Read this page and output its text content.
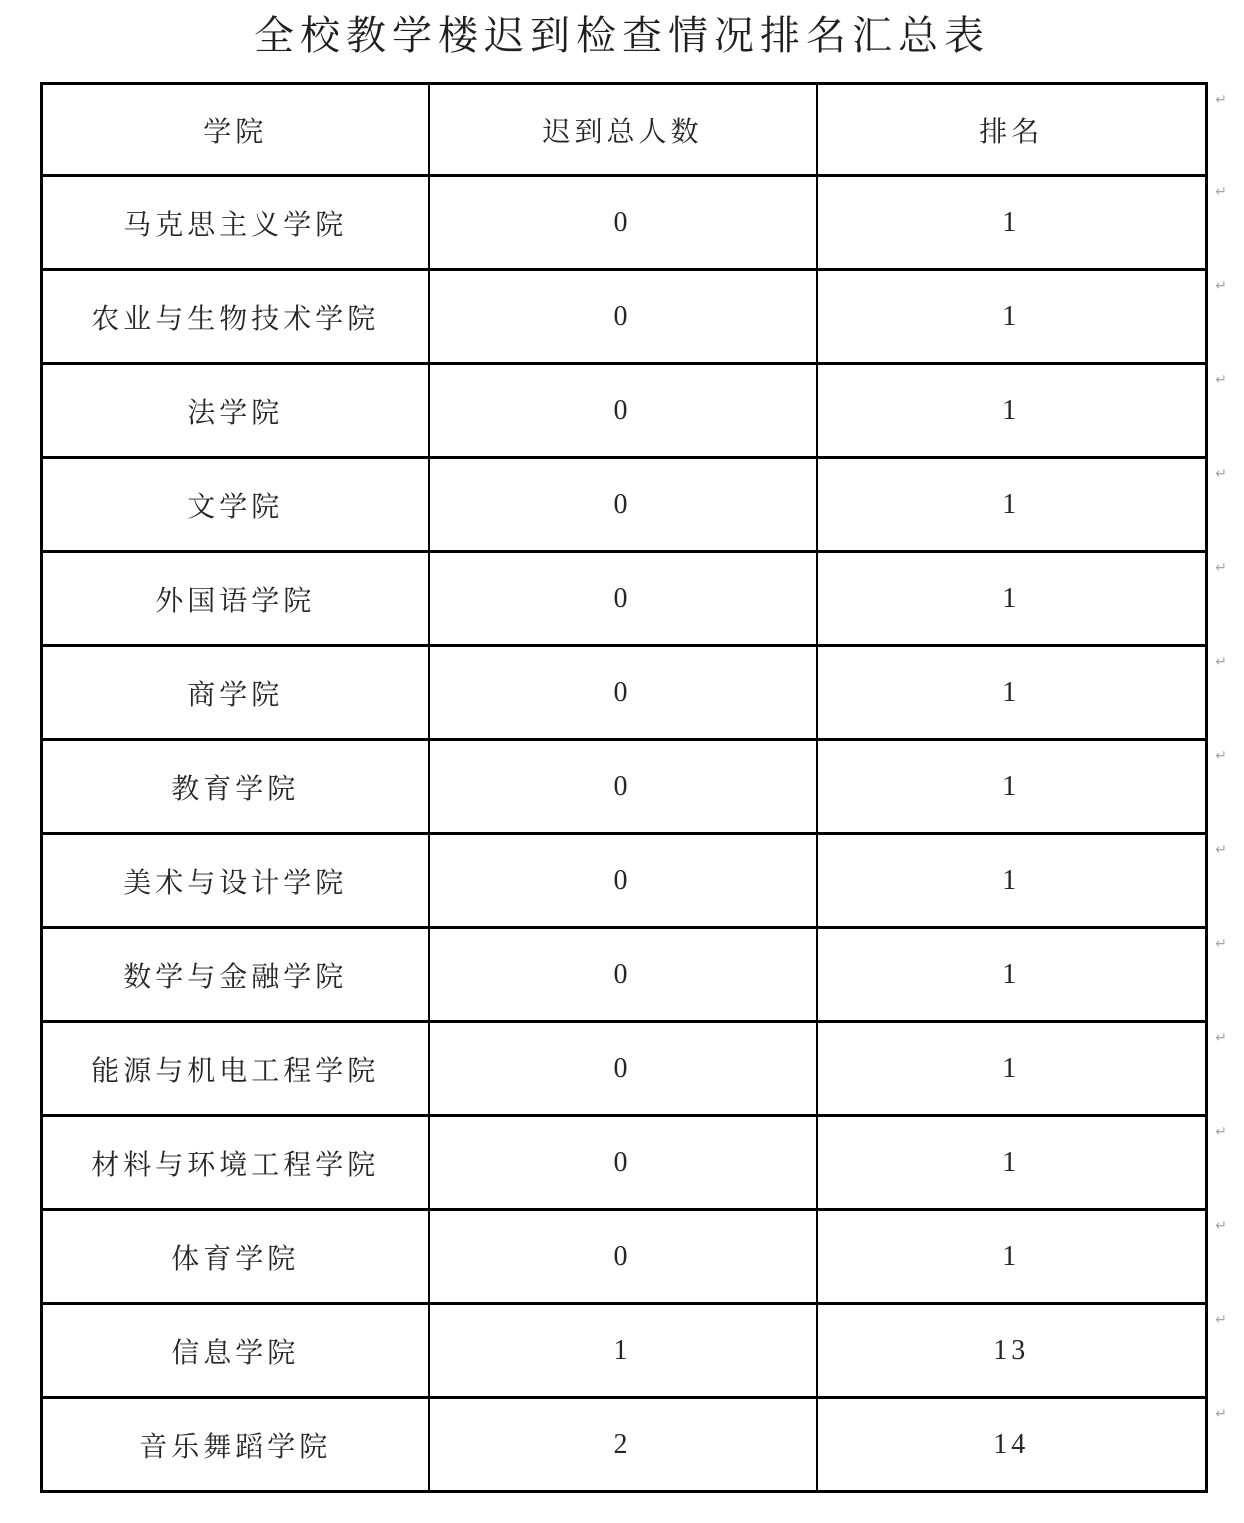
全校教学楼迟到检查情况排名汇总表
学院	迟到总人数	排名
↵

马克思主义学院	0	1
↵

农业与生物技术学院	0	1
↵

法学院	0	1
↵

文学院	0	1
↵

外国语学院	0	1
↵

商学院	0	1
↵

教育学院	0	1
↵

美术与设计学院	0	1
↵

数学与金融学院	0	1
↵

能源与机电工程学院	0	1
↵

材料与环境工程学院	0	1
↵

体育学院	0	1
↵

信息学院	1	13
↵

音乐舞蹈学院	2	14
↵
